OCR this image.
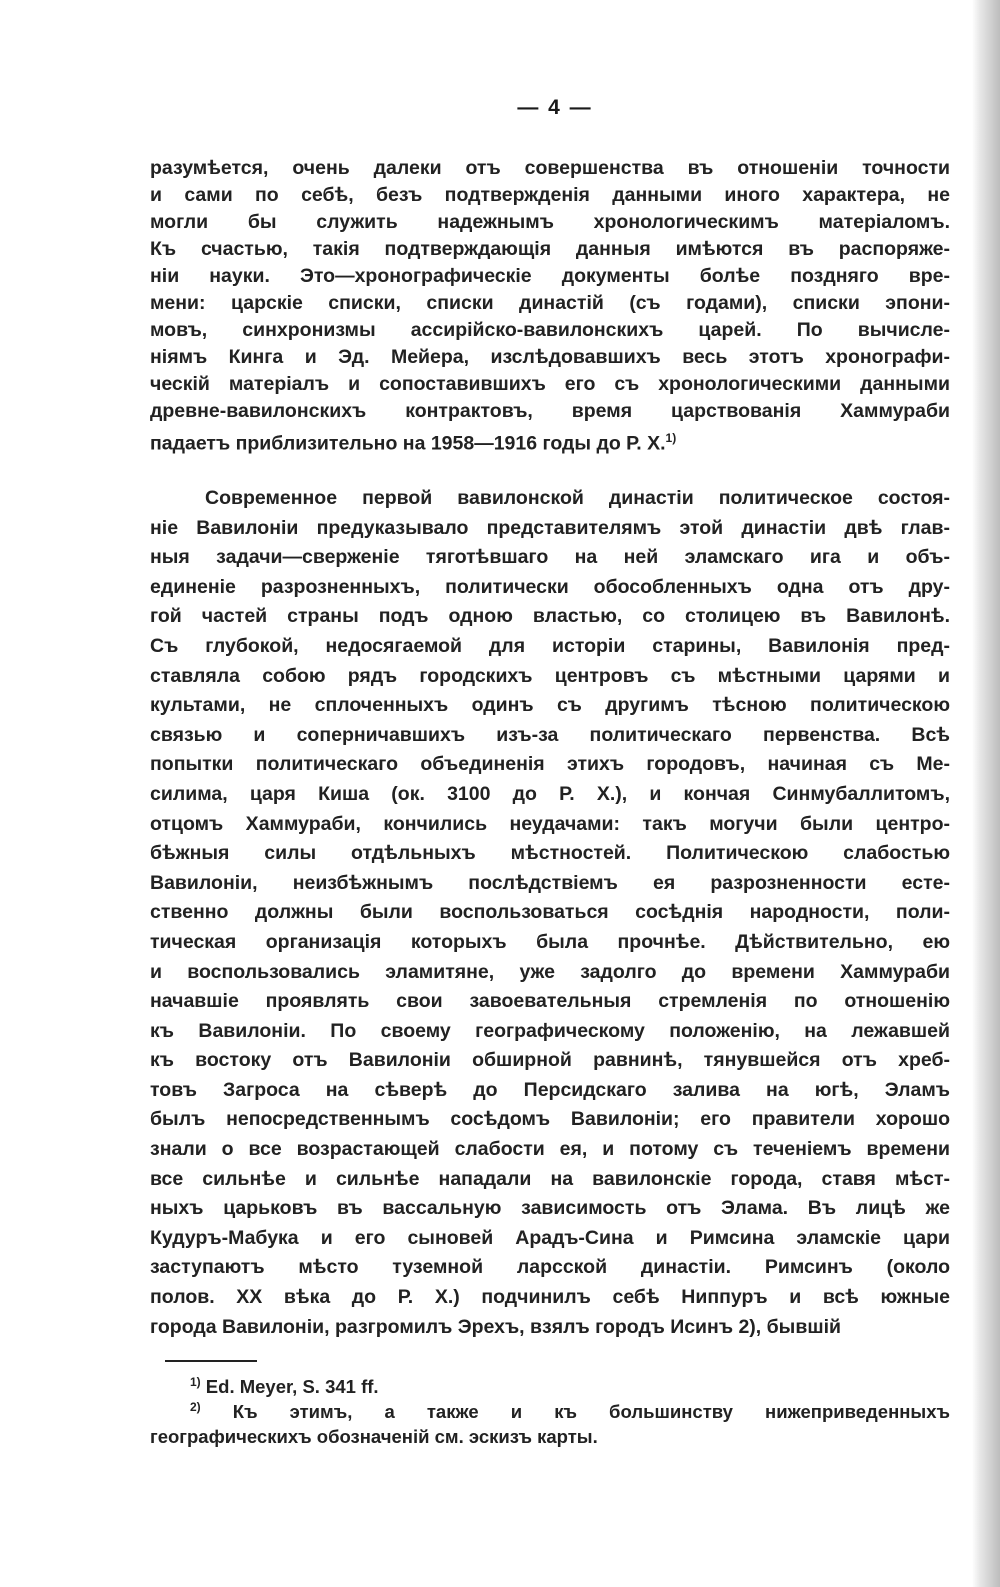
— 4 —
разумѣется, очень далеки отъ совершенства въ отношенiи точности
и сами по себѣ, безъ подтвержденiя данными иного характера, не
могли бы служить надежнымъ хронологическимъ матерiаломъ.
Къ счастью, такiя подтверждающiя данныя имѣются въ распоряже-
нiи науки. Это—хронографическiе документы болѣе поздняго вре-
мени: царскiе списки, списки династiй (съ годами), списки эпони-
мовъ, синхронизмы ассирiйско-вавилонскихъ царей. По вычисле-
нiямъ Кинга и Эд. Мейера, изслѣдовавшихъ весь этотъ хронографи-
ческiй матерiалъ и сопоставившихъ его съ хронологическими данными
древне-вавилонскихъ контрактовъ, время царствованiя Хаммураби
падаетъ приблизительно на 1958—1916 годы до Р. Х.$^{1)}$
Современное первой вавилонской династiи политическое состоя-
нiе Вавилонiи предуказывало представителямъ этой династiи двѣ глав-
ныя задачи—сверженiе тяготѣвшаго на ней эламскаго ига и объ-
единенiе разрозненныхъ, политически обособленныхъ одна отъ дру-
гой частей страны подъ одною властью, со столицею въ Вавилонѣ.
Съ глубокой, недосягаемой для исторiи старины, Вавилонiя пред-
ставляла собою рядъ городскихъ центровъ съ мѣстными царями и
культами, не сплоченныхъ одинъ съ другимъ тѣсною политическою
связью и соперничавшихъ изъ-за политическаго первенства. Всѣ
попытки политическаго объединенiя этихъ городовъ, начиная съ Ме-
силима, царя Киша (ок. 3100 до Р. Х.), и кончая Синмубаллитомъ,
отцомъ Хаммураби, кончились неудачами: такъ могучи были центро-
бѣжныя силы отдѣльныхъ мѣстностей. Политическою слабостью
Вавилонiи, неизбѣжнымъ послѣдствiемъ ея разрозненности есте-
ственно должны были воспользоваться сосѣднiя народности, поли-
тическая организацiя которыхъ была прочнѣе. Дѣйствительно, ею
и воспользовались эламитяне, уже задолго до времени Хаммураби
начавшiе проявлять свои завоевательныя стремленiя по отношенiю
къ Вавилонiи. По своему географическому положенiю, на лежавшей
къ востоку отъ Вавилонiи обширной равнинѣ, тянувшейся отъ хреб-
товъ Загроса на сѣверѣ до Персидскаго залива на югѣ, Эламъ
былъ непосредственнымъ сосѣдомъ Вавилонiи; его правители хорошо
знали о все возрастающей слабости ея, и потому съ теченiемъ времени
все сильнѣе и сильнѣе нападали на вавилонскiе города, ставя мѣст-
ныхъ царьковъ въ вассальную зависимость отъ Элама. Въ лицѣ же
Кудуръ-Мабука и его сыновей Арадъ-Сина и Римсина эламскiе цари
заступаютъ мѣсто туземной ларсской династiи. Римсинъ (около
полов. XX вѣка до Р. Х.) подчинилъ себѣ Ниппуръ и всѣ южные
города Вавилонiи, разгромилъ Эрехъ, взялъ городъ Исинъ 2), бывшiй
$^{1)}$ Ed. Meyer, S. 341 ff.
$^{2)}$ Къ этимъ, а также и къ большинству нижеприведенныхъ
географическихъ обозначенiй см. эскизъ карты.
